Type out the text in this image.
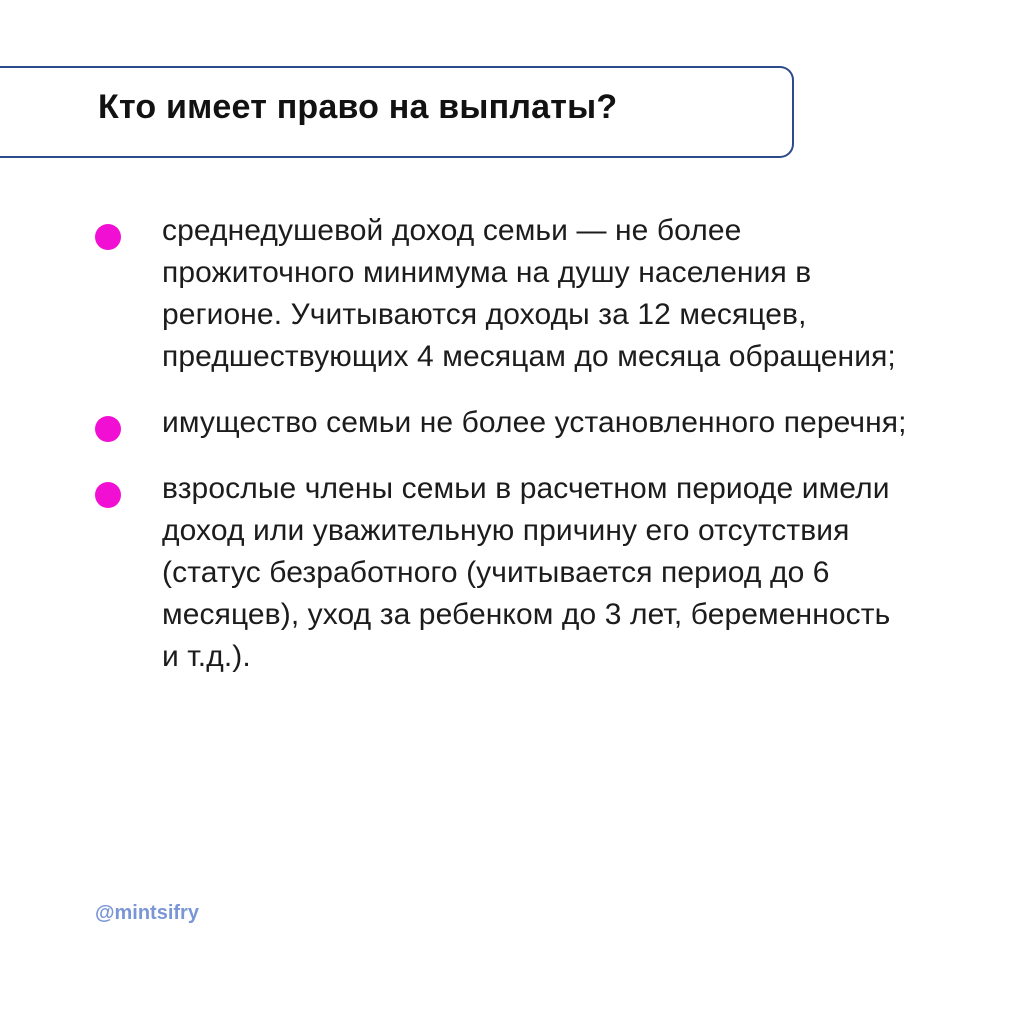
Кто имеет право на выплаты?
среднедушевой доход семьи — не более прожиточного минимума на душу населения в регионе. Учитываются доходы за 12 месяцев, предшествующих 4 месяцам до месяца обращения;
имущество семьи не более установленного перечня;
взрослые члены семьи в расчетном периоде имели доход или уважительную причину его отсутствия (статус безработного (учитывается период до 6 месяцев), уход за ребенком до 3 лет, беременность и т.д.).
@mintsifry
